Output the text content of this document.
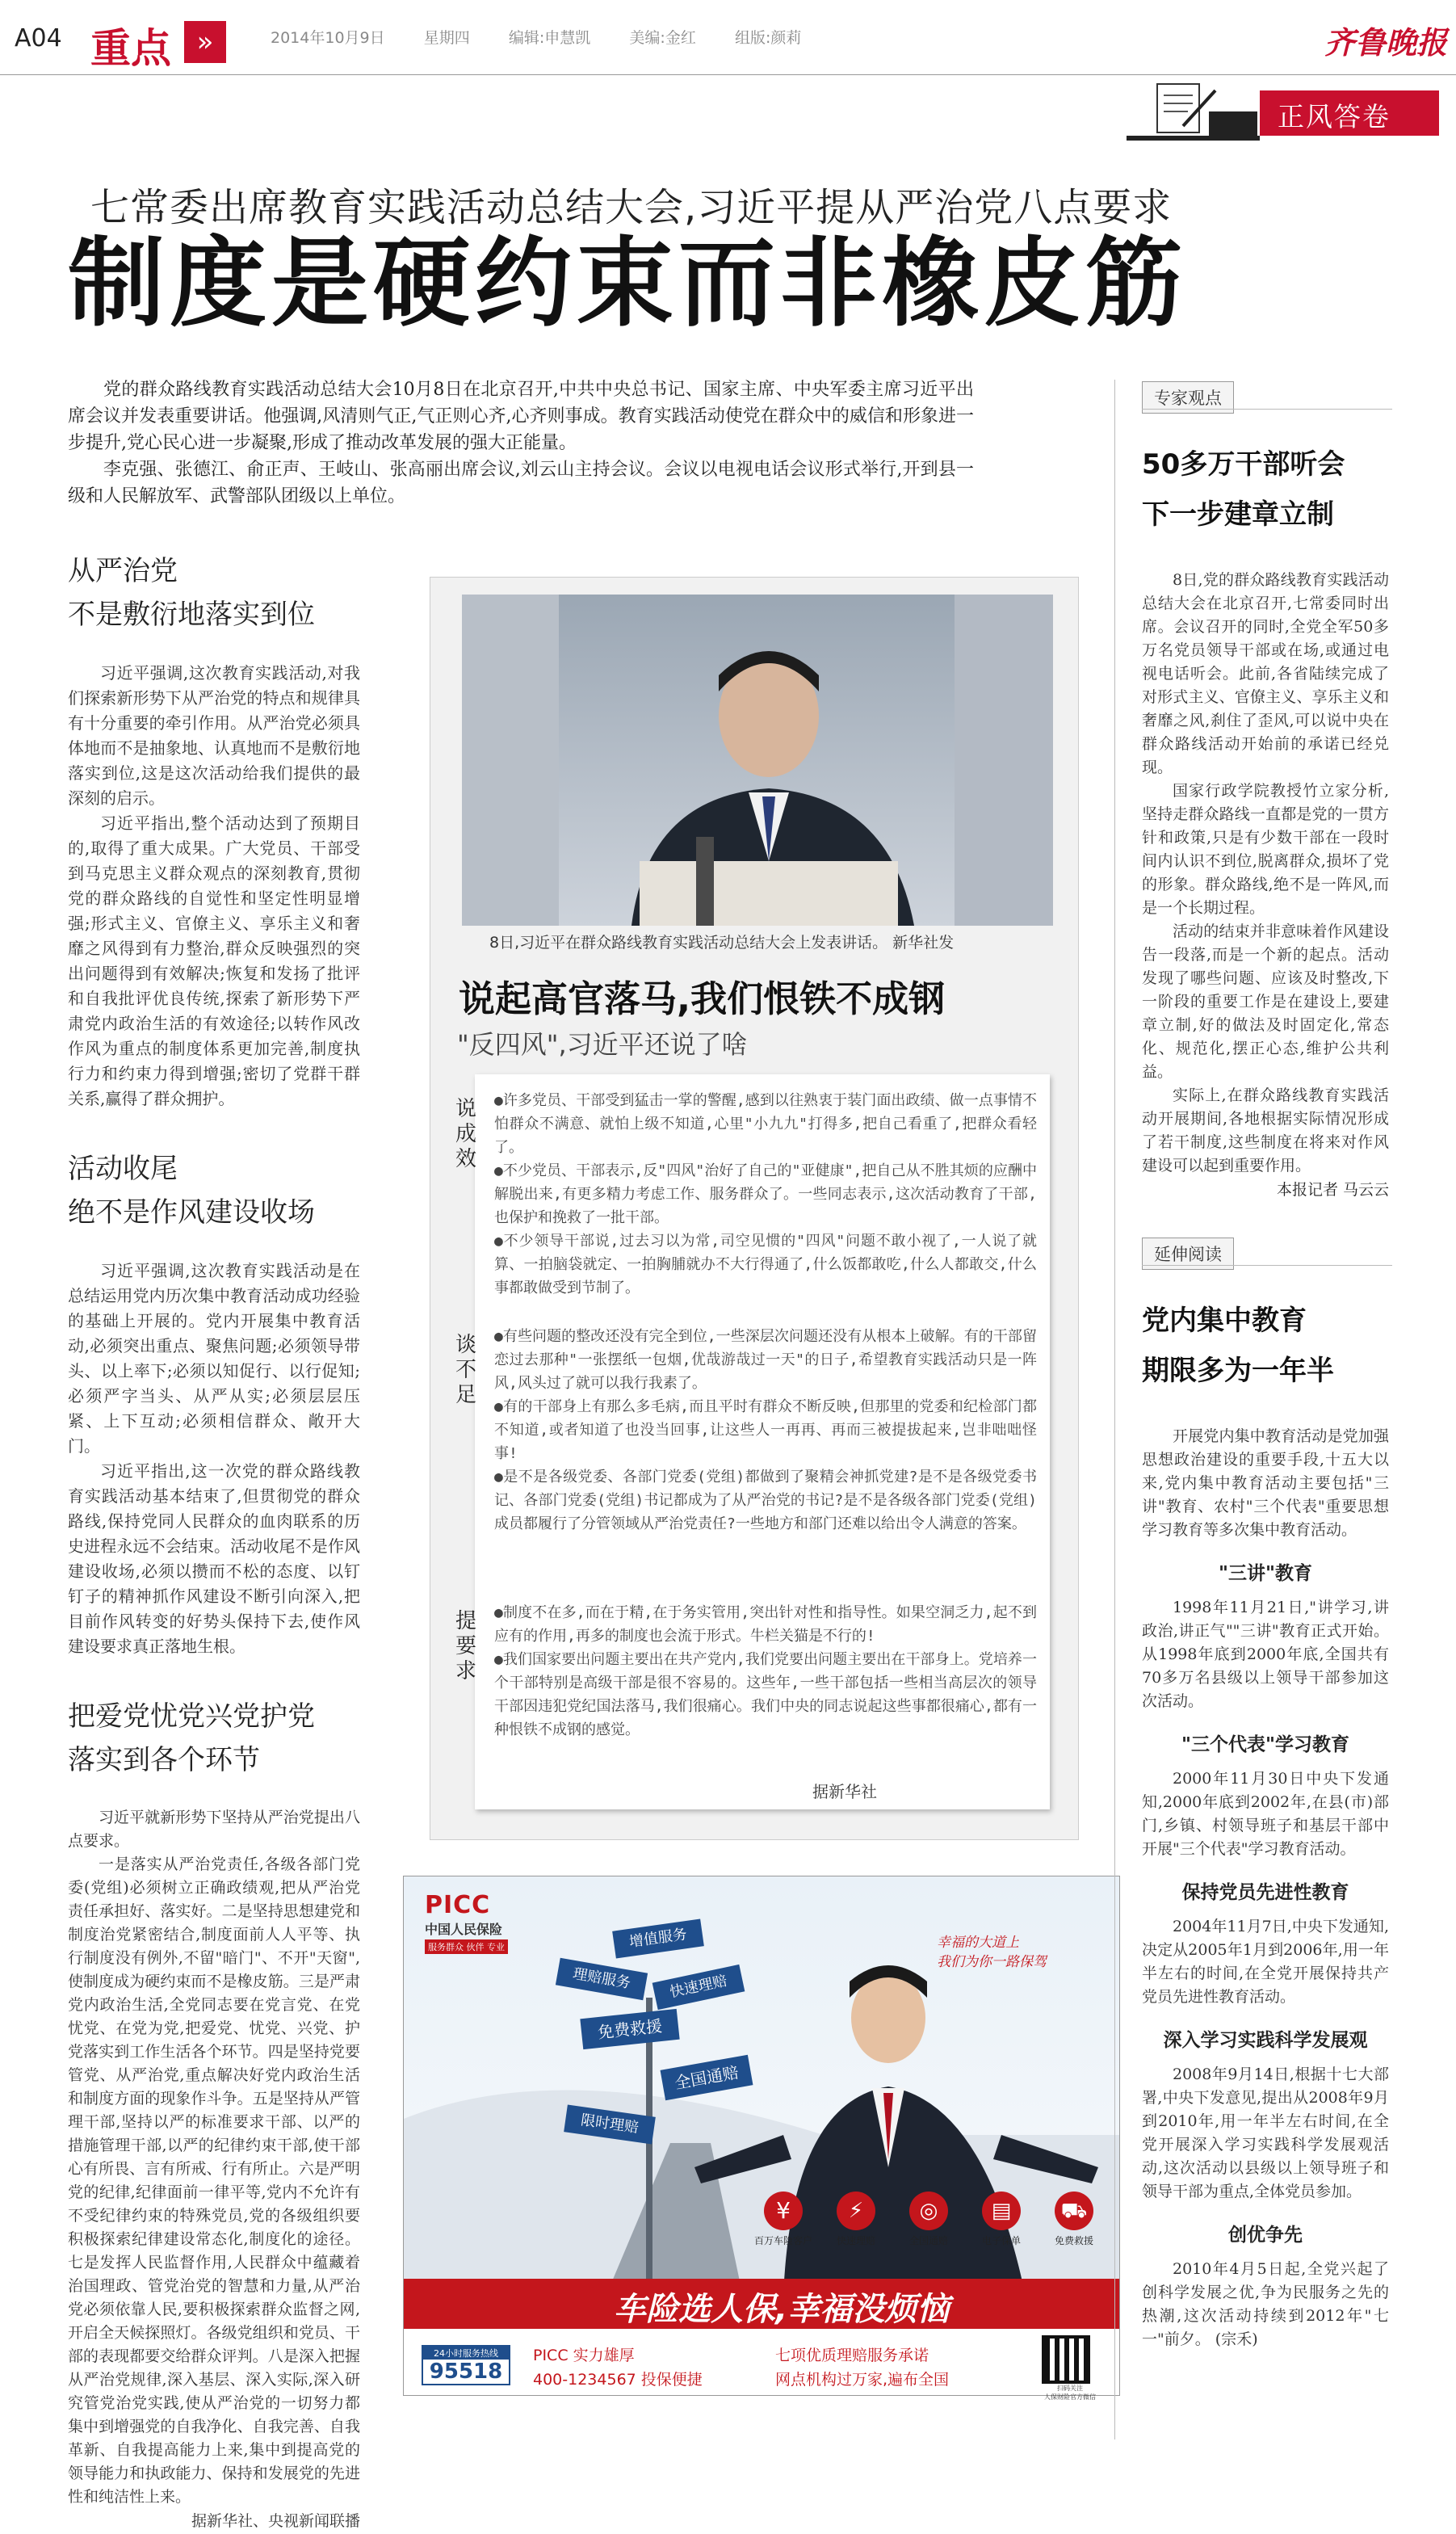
A04 重点 »	2014年10月9日	星期四	编辑:申慧凯	美编:金红	组版:颜莉	齐鲁晚报
正风答卷
七常委出席教育实践活动总结大会,习近平提从严治党八点要求
制度是硬约束而非橡皮筋

党的群众路线教育实践活动总结大会10月8日在北京召开,中共中央总书记、国家主席、中央军委主席习近平出席会议并发表重要讲话。他强调,风清则气正,气正则心齐,心齐则事成。教育实践活动使党在群众中的威信和形象进一步提升,党心民心进一步凝聚,形成了推动改革发展的强大正能量。

李克强、张德江、俞正声、王岐山、张高丽出席会议,刘云山主持会议。会议以电视电话会议形式举行,开到县一级和人民解放军、武警部队团级以上单位。

从严治党
不是敷衍地落实到位

习近平强调,这次教育实践活动,对我们探索新形势下从严治党的特点和规律具有十分重要的牵引作用。从严治党必须具体地而不是抽象地、认真地而不是敷衍地落实到位,这是这次活动给我们提供的最深刻的启示。

习近平指出,整个活动达到了预期目的,取得了重大成果。广大党员、干部受到马克思主义群众观点的深刻教育,贯彻党的群众路线的自觉性和坚定性明显增强;形式主义、官僚主义、享乐主义和奢靡之风得到有力整治,群众反映强烈的突出问题得到有效解决;恢复和发扬了批评和自我批评优良传统,探索了新形势下严肃党内政治生活的有效途径;以转作风改作风为重点的制度体系更加完善,制度执行力和约束力得到增强;密切了党群干群关系,赢得了群众拥护。

活动收尾
绝不是作风建设收场

习近平强调,这次教育实践活动是在总结运用党内历次集中教育活动成功经验的基础上开展的。党内开展集中教育活动,必须突出重点、聚焦问题;必须领导带头、以上率下;必须以知促行、以行促知;必须严字当头、从严从实;必须层层压紧、上下互动;必须相信群众、敞开大门。

习近平指出,这一次党的群众路线教育实践活动基本结束了,但贯彻党的群众路线,保持党同人民群众的血肉联系的历史进程永远不会结束。活动收尾不是作风建设收场,必须以攒而不松的态度、以钉钉子的精神抓作风建设不断引向深入,把目前作风转变的好势头保持下去,使作风建设要求真正落地生根。

把爱党忧党兴党护党
落实到各个环节

习近平就新形势下坚持从严治党提出八点要求。

一是落实从严治党责任,各级各部门党委(党组)必须树立正确政绩观,把从严治党责任承担好、落实好。二是坚持思想建党和制度治党紧密结合,制度面前人人平等、执行制度没有例外,不留"暗门"、不开"天窗",使制度成为硬约束而不是橡皮筋。三是严肃党内政治生活,全党同志要在党言党、在党忧党、在党为党,把爱党、忧党、兴党、护党落实到工作生活各个环节。四是坚持党要管党、从严治党,重点解决好党内政治生活和制度方面的现象作斗争。五是坚持从严管理干部,坚持以严的标准要求干部、以严的措施管理干部,以严的纪律约束干部,使干部心有所畏、言有所戒、行有所止。六是严明党的纪律,纪律面前一律平等,党内不允许有不受纪律约束的特殊党员,党的各级组织要积极探索纪律建设常态化,制度化的途径。七是发挥人民监督作用,人民群众中蕴藏着治国理政、管党治党的智慧和力量,从严治党必须依靠人民,要积极探索群众监督之网,开启全天候探照灯。各级党组织和党员、干部的表现都要交给群众评判。八是深入把握从严治党规律,深入基层、深入实际,深入研究管党治党实践,使从严治党的一切努力都集中到增强党的自我净化、自我完善、自我革新、自我提高能力上来,集中到提高党的领导能力和执政能力、保持和发展党的先进性和纯洁性上来。

据新华社、央视新闻联播
8日,习近平在群众路线教育实践活动总结大会上发表讲话。 新华社发
说起高官落马,我们恨铁不成钢
"反四风",习近平还说了啥
说成效

●许多党员、干部受到猛击一掌的警醒,感到以往熟衷于装门面出政绩、做一点事情不怕群众不满意、就怕上级不知道,心里"小九九"打得多,把自己看重了,把群众看轻了。

●不少党员、干部表示,反"四风"治好了自己的"亚健康",把自己从不胜其烦的应酬中解脱出来,有更多精力考虑工作、服务群众了。一些同志表示,这次活动教育了干部,也保护和挽救了一批干部。

●不少领导干部说,过去习以为常,司空见惯的"四风"问题不敢小视了,一人说了就算、一拍脑袋就定、一拍胸脯就办不大行得通了,什么饭都敢吃,什么人都敢交,什么事都敢做受到节制了。

谈不足

●有些问题的整改还没有完全到位,一些深层次问题还没有从根本上破解。有的干部留恋过去那种"一张摆纸一包烟,优哉游哉过一天"的日子,希望教育实践活动只是一阵风,风头过了就可以我行我素了。

●有的干部身上有那么多毛病,而且平时有群众不断反映,但那里的党委和纪检部门都不知道,或者知道了也没当回事,让这些人一再再、再而三被提拔起来,岂非咄咄怪事!

●是不是各级党委、各部门党委(党组)都做到了聚精会神抓党建?是不是各级党委书记、各部门党委(党组)书记都成为了从严治党的书记?是不是各级各部门党委(党组)成员都履行了分管领域从严治党责任?一些地方和部门还难以给出令人满意的答案。

提要求

●制度不在多,而在于精,在于务实管用,突出针对性和指导性。如果空洞乏力,起不到应有的作用,再多的制度也会流于形式。牛栏关猫是不行的!

●我们国家要出问题主要出在共产党内,我们党要出问题主要出在干部身上。党培养一个干部特别是高级干部是很不容易的。这些年,一些干部包括一些相当高层次的领导干部因违犯党纪国法落马,我们很痛心。我们中央的同志说起这些事都很痛心,都有一种恨铁不成钢的感觉。

据新华社
PICC
中国人民保险
服务群众 伙伴 专业	增值服务
理赔服务
免费救援
快速理赔
全国通赔
限时理赔
幸福的大道上
我们为你一路保驾
¥
百万车险客户
⚡
快速理赔
◎
全国通赔
▤
电子保单
⛟
免费救援
车险选人保,幸福没烦恼
24小时服务热线
95518
PICC 实力雄厚
400-1234567 投保便捷
七项优质理赔服务承诺
网点机构过万家,遍布全国	扫码关注
人保财险官方微信
专家观点
50多万干部听会
下一步建章立制

8日,党的群众路线教育实践活动总结大会在北京召开,七常委同时出席。会议召开的同时,全党全军50多万名党员领导干部或在场,或通过电视电话听会。此前,各省陆续完成了对形式主义、官僚主义、享乐主义和奢靡之风,刹住了歪风,可以说中央在群众路线活动开始前的承诺已经兑现。

国家行政学院教授竹立家分析,坚持走群众路线一直都是党的一贯方针和政策,只是有少数干部在一段时间内认识不到位,脱离群众,损坏了党的形象。群众路线,绝不是一阵风,而是一个长期过程。

活动的结束并非意味着作风建设告一段落,而是一个新的起点。活动发现了哪些问题、应该及时整改,下一阶段的重要工作是在建设上,要建章立制,好的做法及时固定化,常态化、规范化,摆正心态,维护公共利益。

实际上,在群众路线教育实践活动开展期间,各地根据实际情况形成了若干制度,这些制度在将来对作风建设可以起到重要作用。

本报记者 马云云
延伸阅读
党内集中教育
期限多为一年半

开展党内集中教育活动是党加强思想政治建设的重要手段,十五大以来,党内集中教育活动主要包括"三讲"教育、农村"三个代表"重要思想学习教育等多次集中教育活动。

"三讲"教育

1998年11月21日,"讲学习,讲政治,讲正气""三讲"教育正式开始。从1998年底到2000年底,全国共有70多万名县级以上领导干部参加这次活动。

"三个代表"学习教育

2000年11月30日中央下发通知,2000年底到2002年,在县(市)部门,乡镇、村领导班子和基层干部中开展"三个代表"学习教育活动。

保持党员先进性教育

2004年11月7日,中央下发通知,决定从2005年1月到2006年,用一年半左右的时间,在全党开展保持共产党员先进性教育活动。

深入学习实践科学发展观

2008年9月14日,根据十七大部署,中央下发意见,提出从2008年9月到2010年,用一年半左右时间,在全党开展深入学习实践科学发展观活动,这次活动以县级以上领导班子和领导干部为重点,全体党员参加。

创优争先

2010年4月5日起,全党兴起了创科学发展之优,争为民服务之先的热潮,这次活动持续到2012年"七一"前夕。 (宗禾)
